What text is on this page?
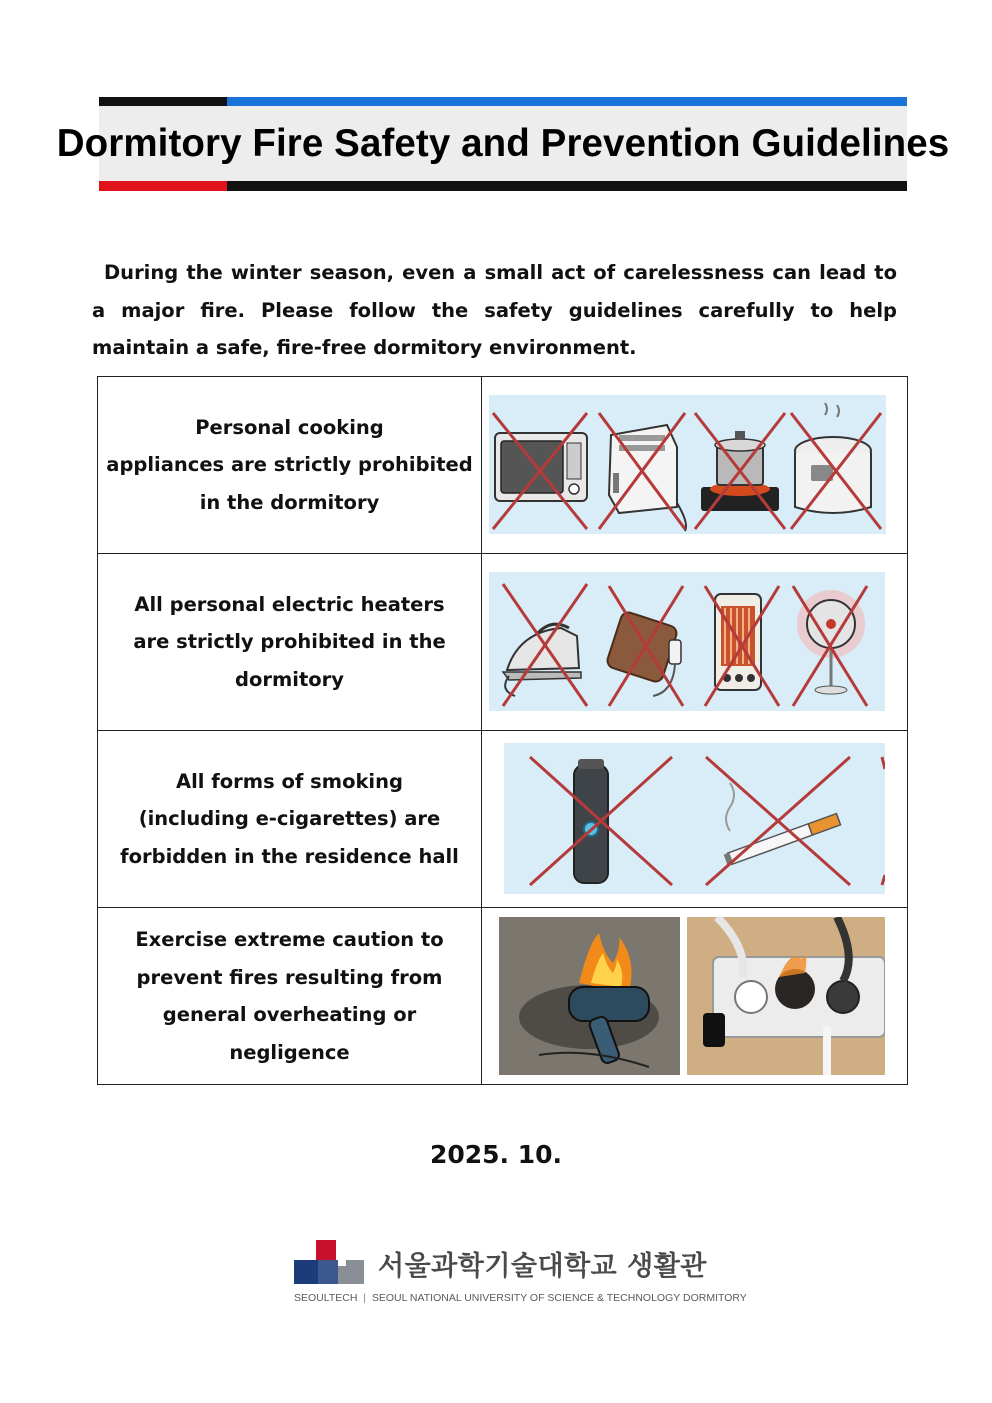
Dormitory Fire Safety and Prevention Guidelines
During the winter season, even a small act of carelessness can lead to a major fire. Please follow the safety guidelines carefully to help maintain a safe, fire-free dormitory environment.
Personal cooking
appliances are strictly prohibited
in the dormitory

All personal electric heaters
are strictly prohibited in the
dormitory

All forms of smoking
(including e-cigarettes) are
forbidden in the residence hall

Exercise extreme caution to
prevent fires resulting from
general overheating or
negligence

2025. 10.
서울과학기술대학교 생활관
SEOULTECH  |  SEOUL NATIONAL UNIVERSITY OF SCIENCE & TECHNOLOGY DORMITORY
